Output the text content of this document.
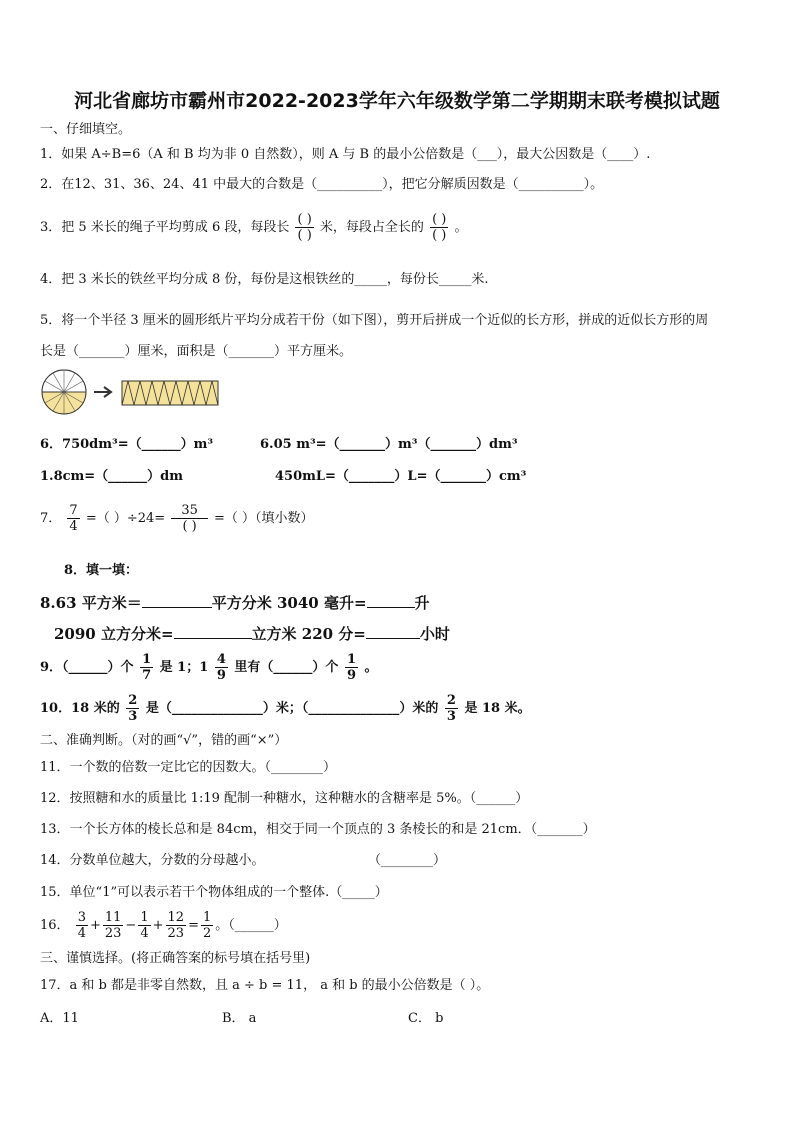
河北省廊坊市霸州市2022-2023学年六年级数学第二学期期末联考模拟试题
一、仔细填空。
1．如果 A÷B=6（A 和 B 均为非 0 自然数），则 A 与 B 的最小公倍数是（___），最大公因数是（____）.
2．在12、31、36、24、41 中最大的合数是（__________），把它分解质因数是（__________）。
3．把 5 米长的绳子平均剪成 6 段，每段长 $\frac{( )}{( )}$ 米，每段占全长的 $\frac{( )}{( )}$ 。
4．把 3 米长的铁丝平均分成 8 份，每份是这根铁丝的_____，每份长_____米.
5．将一个半径 3 厘米的圆形纸片平均分成若干份（如下图），剪开后拼成一个近似的长方形，拼成的近似长方形的周
长是（_______）厘米，面积是（_______）平方厘米。
6．750dm³=（______）m³	6.05 m³=（_______）m³（_______）dm³
1.8cm=（______）dm	450mL=（_______）L=（_______）cm³
7． $\frac{7}{4}$ =（ ）$\div 24= \frac{35}{( )}$ =（ ）（填小数）
8．填一填：
8.63 平方米＝	平方分米 3040 毫升=	升
2090 立方分米=	立方米 220 分=	小时
9．（______）个 $\frac{1}{7}$ 是 1；$1 \frac{4}{9}$ 里有（______）个 $\frac{1}{9}$ 。
10．18 米的 $\frac{2}{3}$ 是（______________）米；（______________）米的 $\frac{2}{3}$ 是 18 米。
二、准确判断。（对的画“√”，错的画“×”）
11．一个数的倍数一定比它的因数大。（________）
12．按照糖和水的质量比 1:19 配制一种糖水，这种糖水的含糖率是 5%。（______）
13．一个长方体的棱长总和是 84cm，相交于同一个顶点的 3 条棱长的和是 21cm．（_______）
14．分数单位越大，分数的分母越小。	（________）
15．单位“1”可以表示若干个物体组成的一个整体.（_____）
16． $\frac{3}{4} + \frac{11}{23} - \frac{1}{4} + \frac{12}{23} = \frac{1}{2}$ 。（______）
三、谨慎选择。(将正确答案的标号填在括号里)
17．a 和 b 都是非零自然数，且 a ÷ b = 11， a 和 b 的最小公倍数是（ ）。
A．11	B． a	C． b
